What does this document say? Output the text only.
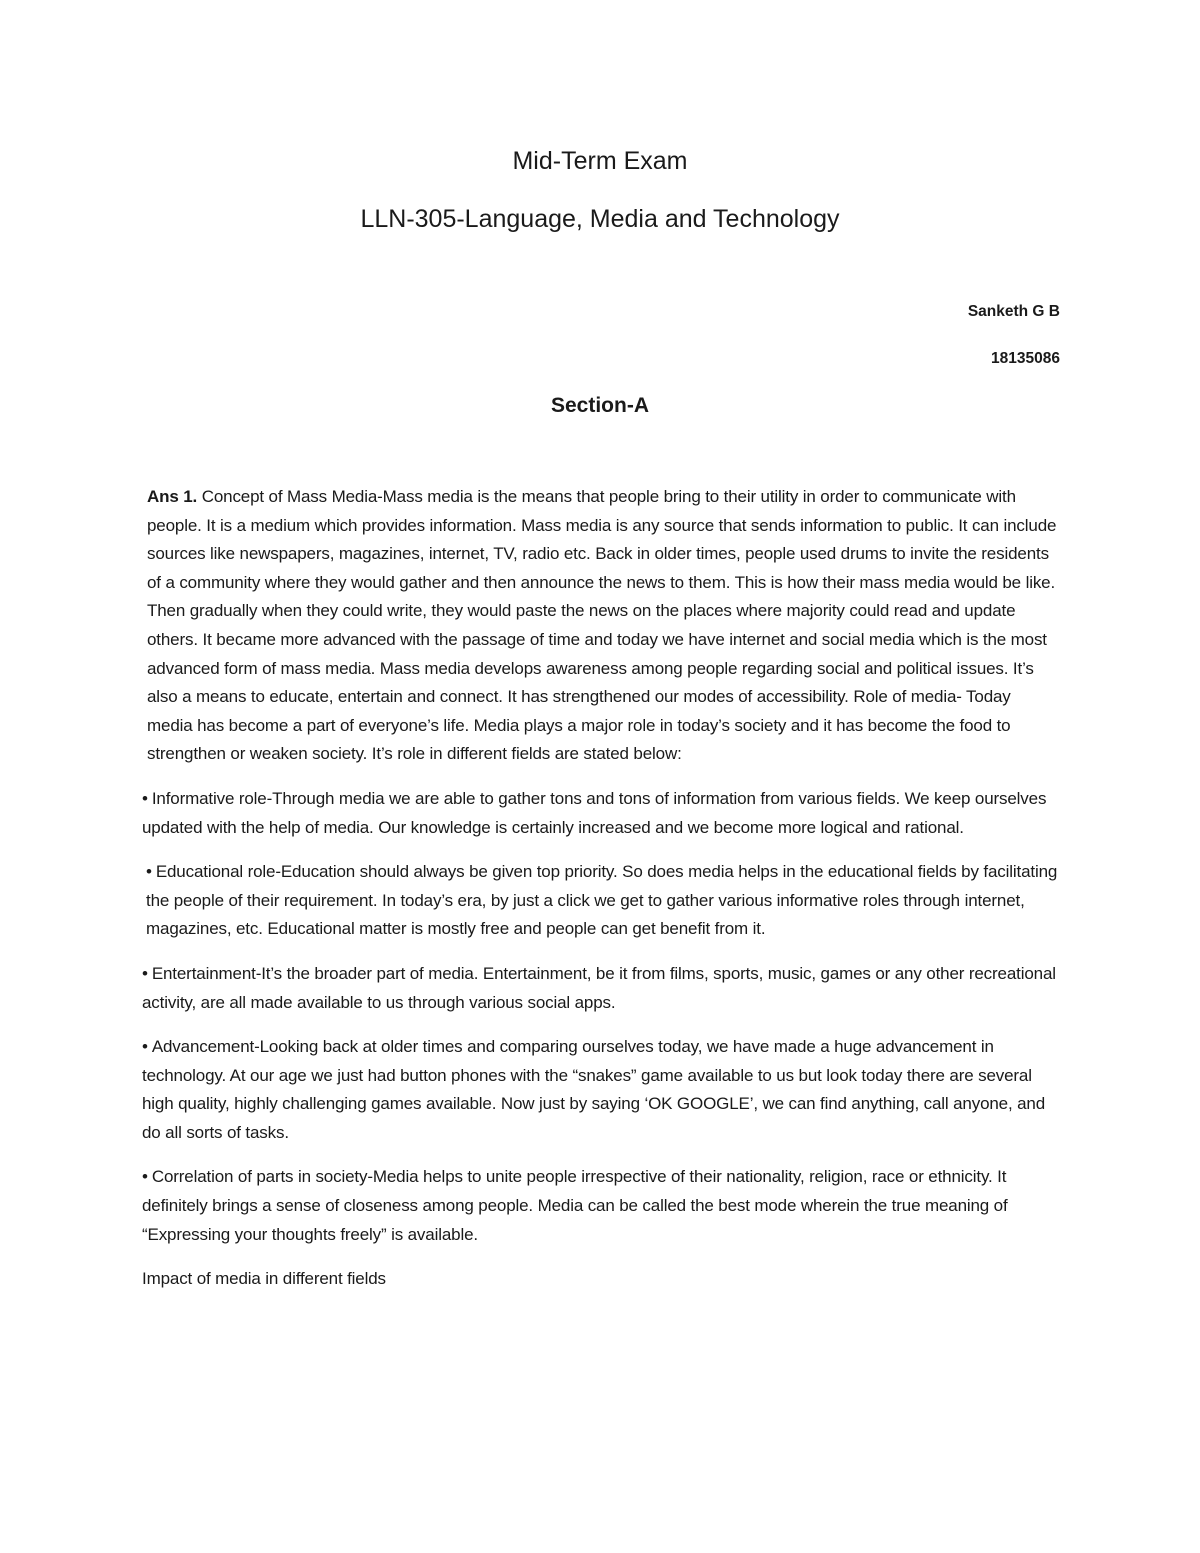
Mid-Term Exam
LLN-305-Language, Media and Technology

Sanketh G B

18135086

Section-A

Ans 1. Concept of Mass Media-Mass media is the means that people bring to their utility in order to communicate with people. It is a medium which provides information. Mass media is any source that sends information to public. It can include sources like newspapers, magazines, internet, TV, radio etc. Back in older times, people used drums to invite the residents of a community where they would gather and then announce the news to them. This is how their mass media would be like. Then gradually when they could write, they would paste the news on the places where majority could read and update others. It became more advanced with the passage of time and today we have internet and social media which is the most advanced form of mass media. Mass media develops awareness among people regarding social and political issues. It’s also a means to educate, entertain and connect. It has strengthened our modes of accessibility. Role of media- Today media has become a part of everyone’s life. Media plays a major role in today’s society and it has become the food to strengthen or weaken society. It’s role in different fields are stated below:

• Informative role-Through media we are able to gather tons and tons of information from various fields. We keep ourselves updated with the help of media. Our knowledge is certainly increased and we become more logical and rational.

• Educational role-Education should always be given top priority. So does media helps in the educational fields by facilitating the people of their requirement. In today’s era, by just a click we get to gather various informative roles through internet, magazines, etc. Educational matter is mostly free and people can get benefit from it.

• Entertainment-It’s the broader part of media. Entertainment, be it from films, sports, music, games or any other recreational activity, are all made available to us through various social apps.

• Advancement-Looking back at older times and comparing ourselves today, we have made a huge advancement in technology. At our age we just had button phones with the “snakes” game available to us but look today there are several high quality, highly challenging games available. Now just by saying ‘OK GOOGLE’, we can find anything, call anyone, and do all sorts of tasks.

• Correlation of parts in society-Media helps to unite people irrespective of their nationality, religion, race or ethnicity. It definitely brings a sense of closeness among people. Media can be called the best mode wherein the true meaning of “Expressing your thoughts freely” is available.

Impact of media in different fields
